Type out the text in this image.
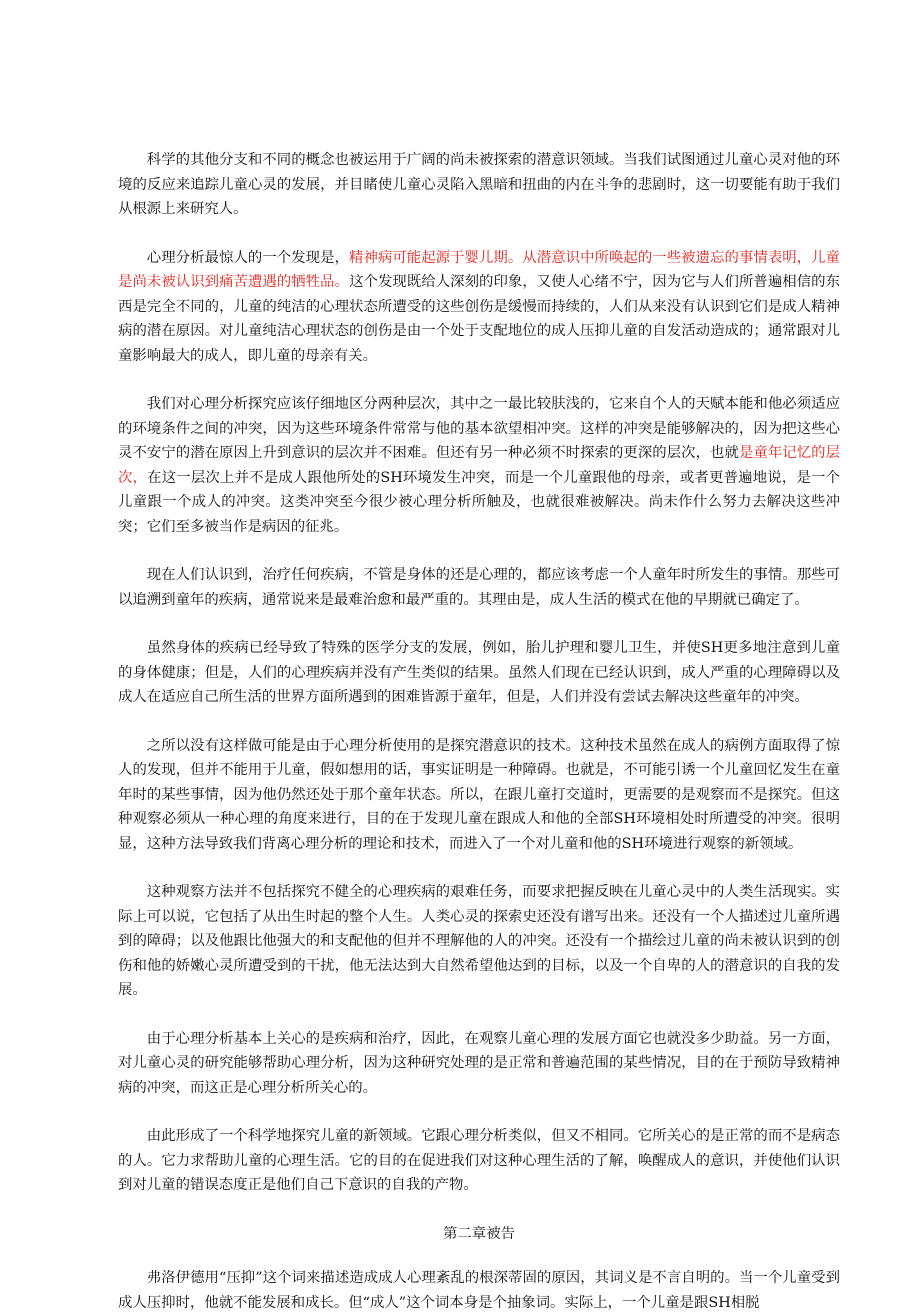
科学的其他分支和不同的概念也被运用于广阔的尚未被探索的潜意识领域。当我们试图通过儿童心灵对他的环境的反应来追踪儿童心灵的发展，并目睹使儿童心灵陷入黑暗和扭曲的内在斗争的悲剧时，这一切要能有助于我们从根源上来研究人。

心理分析最惊人的一个发现是，精神病可能起源于婴儿期。从潜意识中所唤起的一些被遗忘的事情表明，儿童是尚未被认识到痛苦遭遇的牺牲品。这个发现既给人深刻的印象，又使人心绪不宁，因为它与人们所普遍相信的东西是完全不同的，儿童的纯洁的心理状态所遭受的这些创伤是缓慢而持续的，人们从来没有认识到它们是成人精神病的潜在原因。对儿童纯洁心理状态的创伤是由一个处于支配地位的成人压抑儿童的自发活动造成的；通常跟对儿童影响最大的成人，即儿童的母亲有关。

我们对心理分析探究应该仔细地区分两种层次，其中之一最比较肤浅的，它来自个人的天赋本能和他必须适应的环境条件之间的冲突，因为这些环境条件常常与他的基本欲望相冲突。这样的冲突是能够解决的，因为把这些心灵不安宁的潜在原因上升到意识的层次并不困难。但还有另一种必须不时探索的更深的层次，也就是童年记忆的层次，在这一层次上并不是成人跟他所处的SH环境发生冲突，而是一个儿童跟他的母亲，或者更普遍地说，是一个儿童跟一个成人的冲突。这类冲突至今很少被心理分析所触及，也就很难被解决。尚未作什么努力去解决这些冲突；它们至多被当作是病因的征兆。

现在人们认识到，治疗任何疾病，不管是身体的还是心理的，都应该考虑一个人童年时所发生的事情。那些可以追溯到童年的疾病，通常说来是最难治愈和最严重的。其理由是，成人生活的模式在他的早期就已确定了。

虽然身体的疾病已经导致了特殊的医学分支的发展，例如，胎儿护理和婴儿卫生，并使SH更多地注意到儿童的身体健康；但是，人们的心理疾病并没有产生类似的结果。虽然人们现在已经认识到，成人严重的心理障碍以及成人在适应自己所生活的世界方面所遇到的困难皆源于童年，但是，人们并没有尝试去解决这些童年的冲突。

之所以没有这样做可能是由于心理分析使用的是探究潜意识的技术。这种技术虽然在成人的病例方面取得了惊人的发现，但并不能用于儿童，假如想用的话，事实证明是一种障碍。也就是，不可能引诱一个儿童回忆发生在童年时的某些事情，因为他仍然还处于那个童年状态。所以，在跟儿童打交道时，更需要的是观察而不是探究。但这种观察必须从一种心理的角度来进行，目的在于发现儿童在跟成人和他的全部SH环境相处时所遭受的冲突。很明显，这种方法导致我们背离心理分析的理论和技术，而进入了一个对儿童和他的SH环境进行观察的新领域。

这种观察方法并不包括探究不健全的心理疾病的艰难任务，而要求把握反映在儿童心灵中的人类生活现实。实际上可以说，它包括了从出生时起的整个人生。人类心灵的探索史还没有谱写出来。还没有一个人描述过儿童所遇到的障碍；以及他跟比他强大的和支配他的但并不理解他的人的冲突。还没有一个描绘过儿童的尚未被认识到的创伤和他的娇嫩心灵所遭受到的干扰，他无法达到大自然希望他达到的目标，以及一个自卑的人的潜意识的自我的发展。

由于心理分析基本上关心的是疾病和治疗，因此，在观察儿童心理的发展方面它也就没多少助益。另一方面，对儿童心灵的研究能够帮助心理分析，因为这种研究处理的是正常和普遍范围的某些情况，目的在于预防导致精神病的冲突，而这正是心理分析所关心的。

由此形成了一个科学地探究儿童的新领域。它跟心理分析类似，但又不相同。它所关心的是正常的而不是病态的人。它力求帮助儿童的心理生活。它的目的在促进我们对这种心理生活的了解，唤醒成人的意识，并使他们认识到对儿童的错误态度正是他们自己下意识的自我的产物。

第二章被告

弗洛伊德用“压抑”这个词来描述造成成人心理紊乱的根深蒂固的原因，其词义是不言自明的。当一个儿童受到成人压抑时，他就不能发展和成长。但“成人”这个词本身是个抽象词。实际上，一个儿童是跟SH相脱
